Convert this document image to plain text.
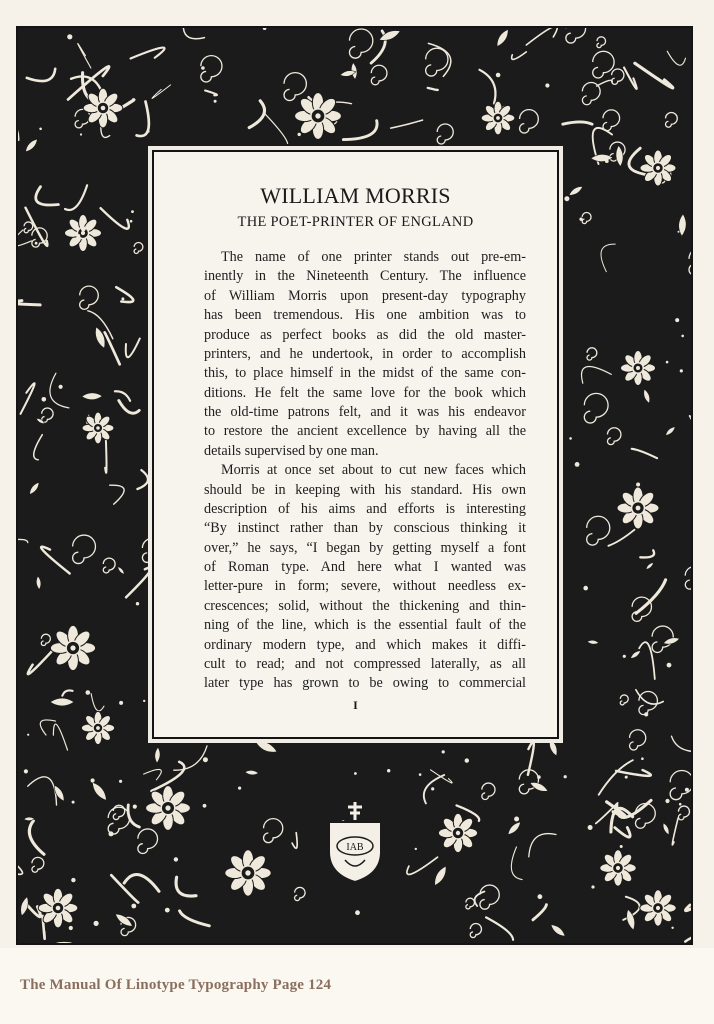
WILLIAM MORRIS
THE POET-PRINTER OF ENGLAND
The name of one printer stands out pre-em-
inently in the Nineteenth Century. The influence
of William Morris upon present-day typography
has been tremendous. His one ambition was to
produce as perfect books as did the old master-
printers, and he undertook, in order to accomplish
this, to place himself in the midst of the same con-
ditions. He felt the same love for the book which
the old-time patrons felt, and it was his endeavor
to restore the ancient excellence by having all the
details supervised by one man.
Morris at once set about to cut new faces which
should be in keeping with his standard. His own
description of his aims and efforts is interesting
“By instinct rather than by conscious thinking it
over,” he says, “I began by getting myself a font
of Roman type. And here what I wanted was
letter-pure in form; severe, without needless ex-
crescences; solid, without the thickening and thin-
ning of the line, which is the essential fault of the
ordinary modern type, and which makes it diffi-
cult to read; and not compressed laterally, as all
later type has grown to be owing to commercial
I
IAB
The Manual Of Linotype Typography Page 124
